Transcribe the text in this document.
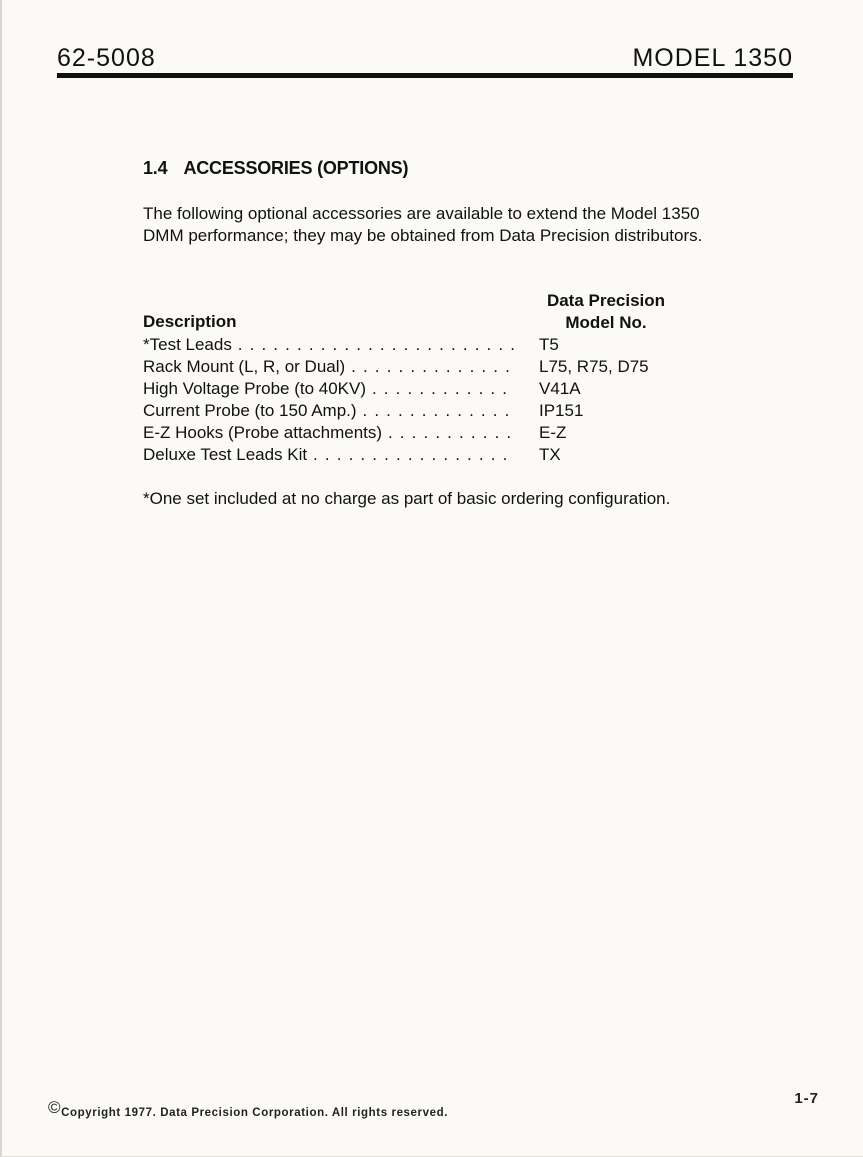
62-5008	MODEL 1350
1.4 ACCESSORIES (OPTIONS)
The following optional accessories are available to extend the Model 1350 DMM performance; they may be obtained from Data Precision distributors.
Description
Data Precision
Model No.
*Test Leads . . .	T5
Rack Mount (L, R, or Dual) . . .	L75, R75, D75
High Voltage Probe (to 40KV) . . .	V41A
Current Probe (to 150 Amp.) . . .	IP151
E-Z Hooks (Probe attachments) . . .	E-Z
Deluxe Test Leads Kit . . .	TX
*One set included at no charge as part of basic ordering configuration.
©Copyright 1977. Data Precision Corporation. All rights reserved.
1-7
